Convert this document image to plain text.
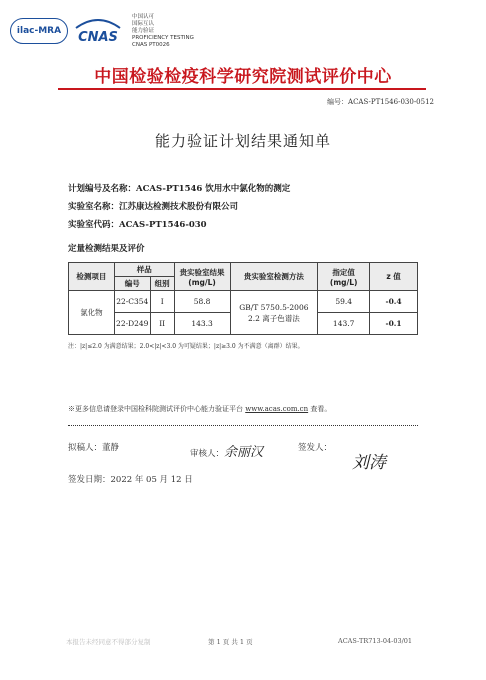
ilac-MRA	CNAS
中国认可
国际互认
能力验证
PROFICIENCY TESTING
CNAS PT0026
中国检验检疫科学研究院测试评价中心
编号：ACAS-PT1546-030-0512
能力验证计划结果通知单
计划编号及名称：ACAS-PT1546 饮用水中氯化物的测定
实验室名称：江苏康达检测技术股份有限公司
实验室代码：ACAS-PT1546-030
定量检测结果及评价
检测项目	样品		贵实验室结果 (mg/L)	贵实验室检测方法	指定值 (mg/L)	z 值
	编号	组别				
氯化物	22-C354	I	58.8	GB/T 5750.5-2006 2.2 离子色谱法	59.4	-0.4
	22-D249	II	143.3		143.7	-0.1
注：|z|≤2.0 为满意结果；2.0<|z|<3.0 为可疑结果；|z|≥3.0 为不满意（离群）结果。
※更多信息请登录中国检科院测试评价中心能力验证平台 www.acas.com.cn 查看。
拟稿人：董静
审核人：余丽汉	签发人：
刘涛
签发日期：2022 年 05 月 12 日
本报告未经同意不得部分复制	第 1 页 共 1 页	ACAS-TR713-04-03/01
